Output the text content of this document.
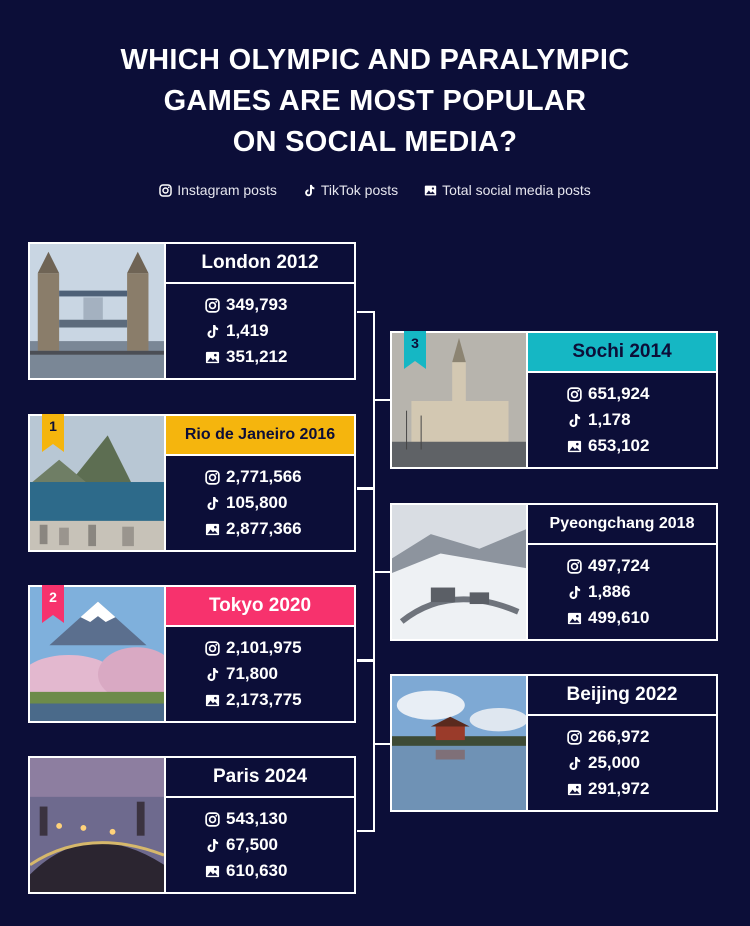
WHICH OLYMPIC AND PARALYMPIC
GAMES ARE MOST POPULAR
ON SOCIAL MEDIA?
Instagram posts	TikTok posts	Total social media posts
London 2012
349,793
1,419
351,212
1	Rio de Janeiro 2016
2,771,566
105,800
2,877,366
2	Tokyo 2020
2,101,975
71,800
2,173,775
Paris 2024
543,130
67,500
610,630
3	Sochi 2014
651,924
1,178
653,102
Pyeongchang 2018
497,724
1,886
499,610
Beijing 2022
266,972
25,000
291,972
